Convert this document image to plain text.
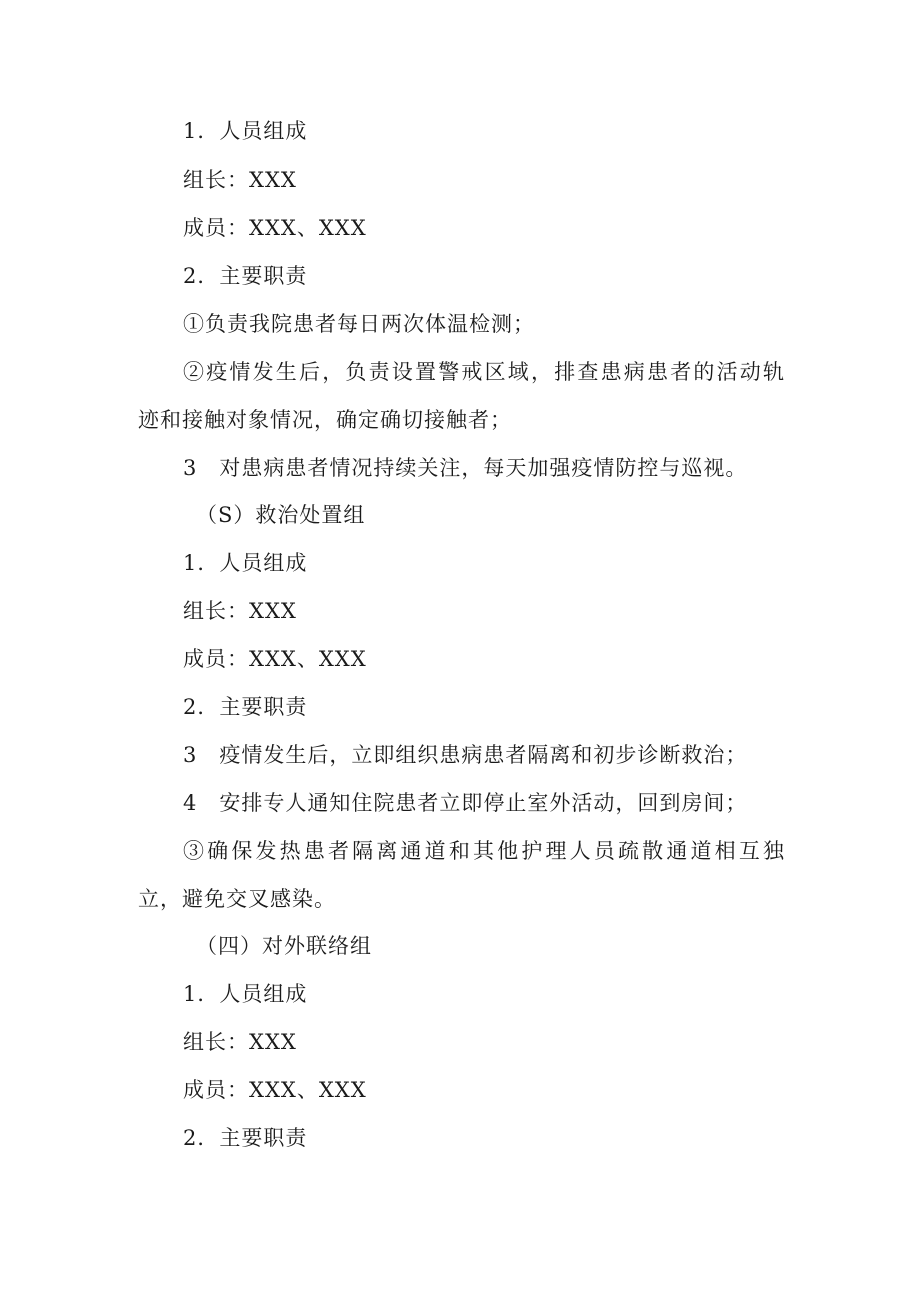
1．人员组成
组长：XXX
成员：XXX、XXX
2．主要职责
①负责我院患者每日两次体温检测；
②疫情发生后，负责设置警戒区域，排查患病患者的活动轨
迹和接触对象情况，确定确切接触者；
3　对患病患者情况持续关注，每天加强疫情防控与巡视。
（S）救治处置组
1．人员组成
组长：XXX
成员：XXX、XXX
2．主要职责
3　疫情发生后，立即组织患病患者隔离和初步诊断救治；
4　安排专人通知住院患者立即停止室外活动，回到房间；
③确保发热患者隔离通道和其他护理人员疏散通道相互独
立，避免交叉感染。
（四）对外联络组
1．人员组成
组长：XXX
成员：XXX、XXX
2．主要职责
